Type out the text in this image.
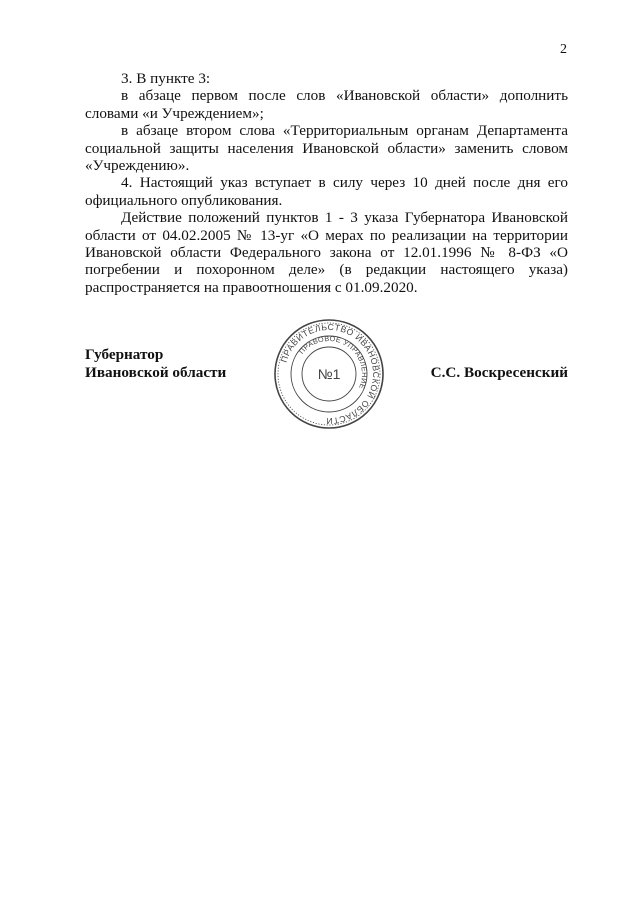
2

3. В пункте 3:

в абзаце первом после слов «Ивановской области» дополнить словами «и Учреждением»;

в абзаце втором слова «Территориальным органам Департамента социальной защиты населения Ивановской области» заменить словом «Учреждению».

4. Настоящий указ вступает в силу через 10 дней после дня его официального опубликования.

Действие положений пунктов 1 - 3 указа Губернатора Ивановской области от 04.02.2005 № 13-уг «О мерах по реализации на территории Ивановской области Федерального закона от 12.01.1996 № 8-ФЗ «О погребении и похоронном деле» (в редакции настоящего указа) распространяется на правоотношения с 01.09.2020.

Губернатор
Ивановской области
ПРАВИТЕЛЬСТВО ИВАНОВСКОЙ ОБЛАСТИ
ПРАВОВОЕ УПРАВЛЕНИЕ
№1	С.С. Воскресенский
